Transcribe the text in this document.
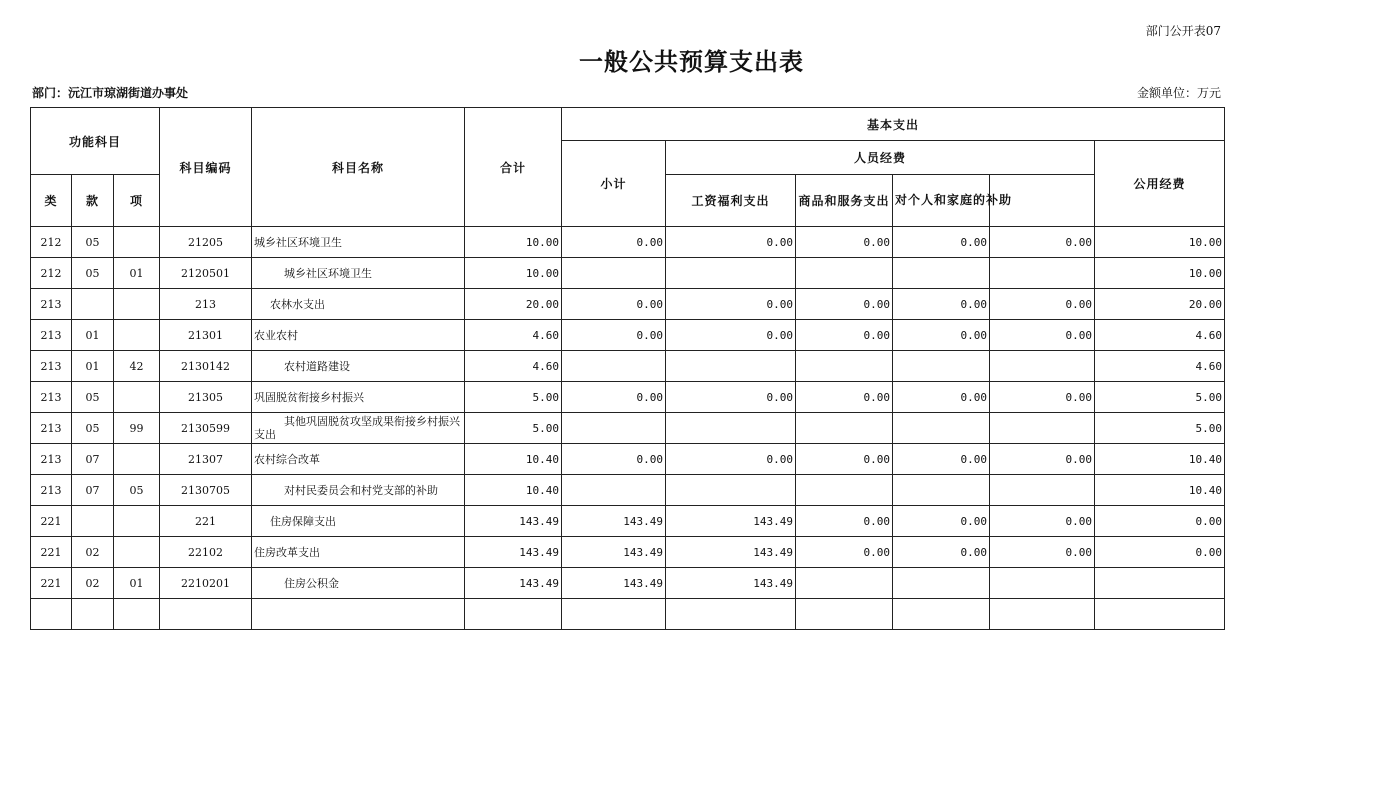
部门公开表07
一般公共预算支出表
部门：沅江市琼湖街道办事处	金额单位：万元
功能科目			科目编码	科目名称	合计	基本支出	
						小计	人员经费				公用经费	
类	款	项					工资福利支出	商品和服务支出	对个人和家庭的补助			
212	05		21205	城乡社区环境卫生	10.00	0.00	0.00	0.00	0.00	0.00	10.00	
212	05	01	2120501	城乡社区环境卫生	10.00						10.00	
213			213	农林水支出	20.00	0.00	0.00	0.00	0.00	0.00	20.00	
213	01		21301	农业农村	4.60	0.00	0.00	0.00	0.00	0.00	4.60	
213	01	42	2130142	农村道路建设	4.60						4.60	
213	05		21305	巩固脱贫衔接乡村振兴	5.00	0.00	0.00	0.00	0.00	0.00	5.00	
213	05	99	2130599	其他巩固脱贫攻坚成果衔接乡村振兴支出	5.00						5.00	
213	07		21307	农村综合改革	10.40	0.00	0.00	0.00	0.00	0.00	10.40	
213	07	05	2130705	对村民委员会和村党支部的补助	10.40						10.40	
221			221	住房保障支出	143.49	143.49	143.49	0.00	0.00	0.00	0.00	
221	02		22102	住房改革支出	143.49	143.49	143.49	0.00	0.00	0.00	0.00	
221	02	01	2210201	住房公积金	143.49	143.49	143.49					
